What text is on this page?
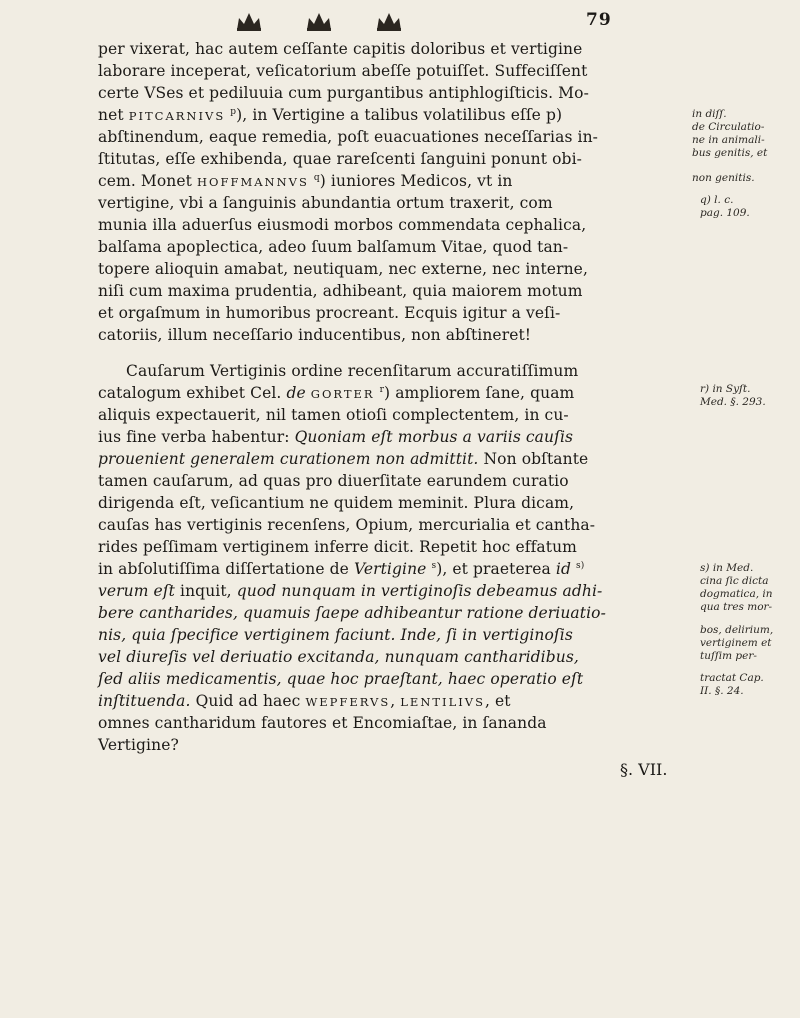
79
per vixerat, hac autem ceſſante capitis doloribus et vertigine
laborare inceperat, veſicatorium abeſſe potuiſſet. Suffeciſſent
certe VSes et pediluuia cum purgantibus antiphlogiſticis. Mo-
net PITCARNIVS $^p$), in Vertigine a talibus volatilibus eſſe p)
abſtinendum, eaque remedia, poſt euacuationes neceſſarias in-
ſtitutas, eſſe exhibenda, quae rareſcenti ſanguini ponunt obi-
cem. Monet HOFFMANNVS $^q$) iuniores Medicos, vt in
vertigine, vbi a ſanguinis abundantia ortum traxerit, com
munia illa aduerſus eiusmodi morbos commendata cephalica,
balſama apoplectica, adeo ſuum balſamum Vitae, quod tan-
topere alioquin amabat, neutiquam, nec externe, nec interne,
niſi cum maxima prudentia, adhibeant, quia maiorem motum
et orgaſmum in humoribus procreant. Ecquis igitur a veſi-
catoriis, illum neceſſario inducentibus, non abſtineret!
Cauſarum Vertiginis ordine recenſitarum accuratiſſimum
catalogum exhibet Cel. de GORTER $^r$) ampliorem ſane, quam
aliquis expectauerit, nil tamen otioſi complectentem, in cu-
ius fine verba habentur: Quoniam eſt morbus a variis cauſis
prouenient generalem curationem non admittit. Non obſtante
tamen cauſarum, ad quas pro diuerſitate earundem curatio
dirigenda eſt, veſicantium ne quidem meminit. Plura dicam,
cauſas has vertiginis recenſens, Opium, mercurialia et cantha-
rides peſſimam vertiginem inferre dicit. Repetit hoc effatum
in abſolutiſſima diſſertatione de Vertigine $^s$), et praeterea id $^{s)}$
verum eſt inquit, quod nunquam in vertiginoſis debeamus adhi-
bere cantharides, quamuis ſaepe adhibeantur ratione deriuatio-
nis, quia ſpecifice vertiginem faciunt. Inde, ſi in vertiginoſis
vel diureſis vel deriuatio excitanda, nunquam cantharidibus,
ſed aliis medicamentis, quae hoc praeſtant, haec operatio eſt
inſtituenda. Quid ad haec WEPFERVS, LENTILIVS, et
omnes cantharidum fautores et Encomiaſtae, in ſananda
Vertigine?
in diſſ.
de Circulatio-
ne in animali-
bus genitis, et
non genitis.
q) l. c.
pag. 109.
r) in Syſt.
Med. §. 293.
s) in Med.
cina ſic dicta
dogmatica, in
qua tres mor-
bos, delirium,
vertiginem et
tuſſim per-
tractat Cap.
II. §. 24.
§. VII.
